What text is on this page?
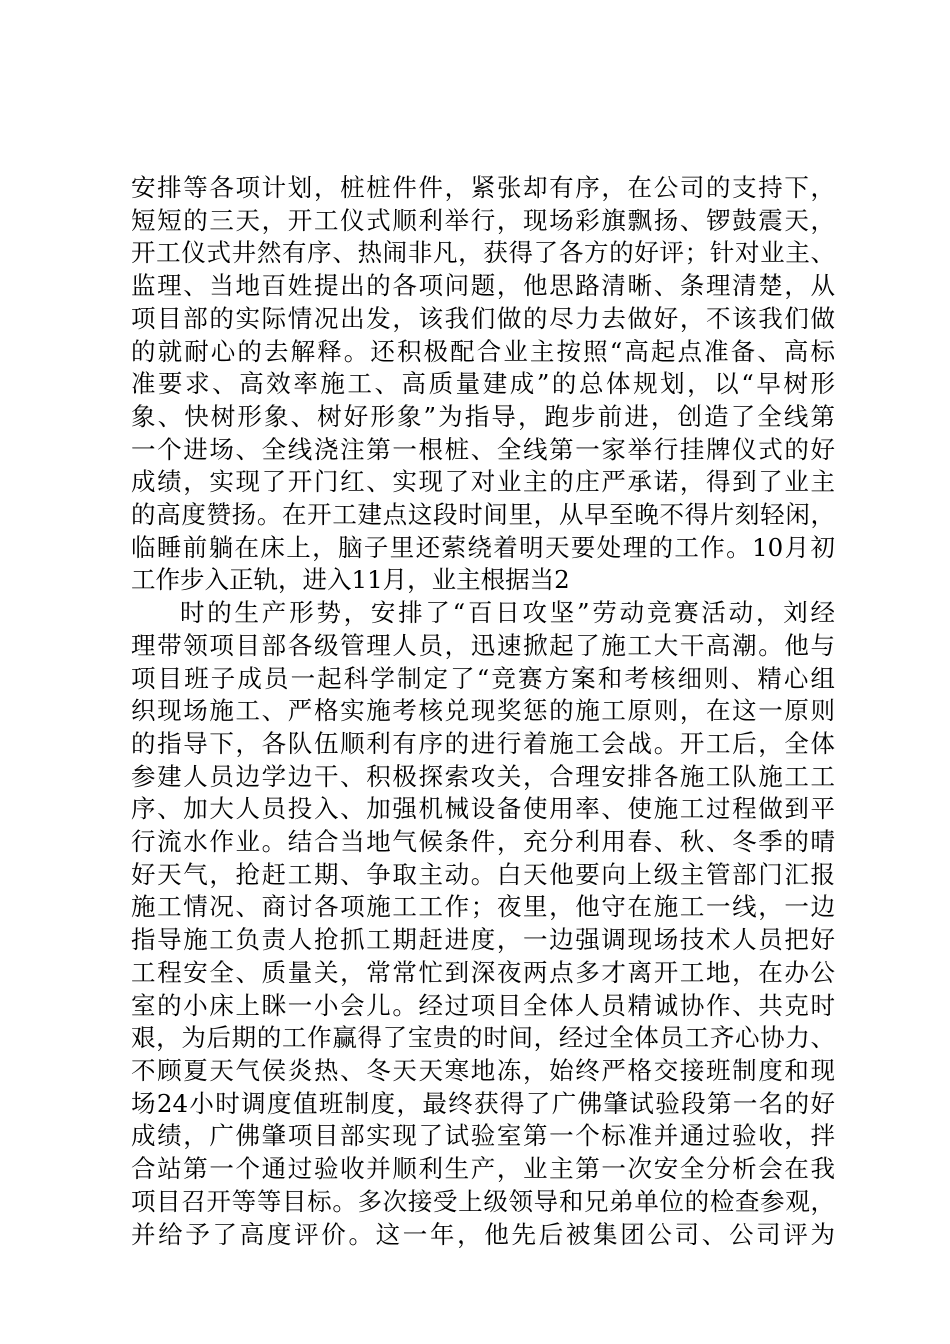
安排等各项计划，桩桩件件，紧张却有序，在公司的支持下，
短短的三天，开工仪式顺利举行，现场彩旗飘扬、锣鼓震天，
开工仪式井然有序、热闹非凡，获得了各方的好评；针对业主、
监理、当地百姓提出的各项问题，他思路清晰、条理清楚，从
项目部的实际情况出发，该我们做的尽力去做好，不该我们做
的就耐心的去解释。还积极配合业主按照“高起点准备、高标
准要求、高效率施工、高质量建成”的总体规划，以“早树形
象、快树形象、树好形象”为指导，跑步前进，创造了全线第
一个进场、全线浇注第一根桩、全线第一家举行挂牌仪式的好
成绩，实现了开门红、实现了对业主的庄严承诺，得到了业主
的高度赞扬。在开工建点这段时间里，从早至晚不得片刻轻闲，
临睡前躺在床上，脑子里还萦绕着明天要处理的工作。10月初
工作步入正轨，进入11月，业主根据当2
时的生产形势，安排了“百日攻坚”劳动竞赛活动，刘经
理带领项目部各级管理人员，迅速掀起了施工大干高潮。他与
项目班子成员一起科学制定了“竞赛方案和考核细则、精心组
织现场施工、严格实施考核兑现奖惩的施工原则，在这一原则
的指导下，各队伍顺利有序的进行着施工会战。开工后，全体
参建人员边学边干、积极探索攻关，合理安排各施工队施工工
序、加大人员投入、加强机械设备使用率、使施工过程做到平
行流水作业。结合当地气候条件，充分利用春、秋、冬季的晴
好天气，抢赶工期、争取主动。白天他要向上级主管部门汇报
施工情况、商讨各项施工工作；夜里，他守在施工一线，一边
指导施工负责人抢抓工期赶进度，一边强调现场技术人员把好
工程安全、质量关，常常忙到深夜两点多才离开工地，在办公
室的小床上眯一小会儿。经过项目全体人员精诚协作、共克时
艰，为后期的工作赢得了宝贵的时间，经过全体员工齐心协力、
不顾夏天气侯炎热、冬天天寒地冻，始终严格交接班制度和现
场24小时调度值班制度，最终获得了广佛肇试验段第一名的好
成绩，广佛肇项目部实现了试验室第一个标准并通过验收，拌
合站第一个通过验收并顺利生产，业主第一次安全分析会在我
项目召开等等目标。多次接受上级领导和兄弟单位的检查参观，
并给予了高度评价。这一年，他先后被集团公司、公司评为
